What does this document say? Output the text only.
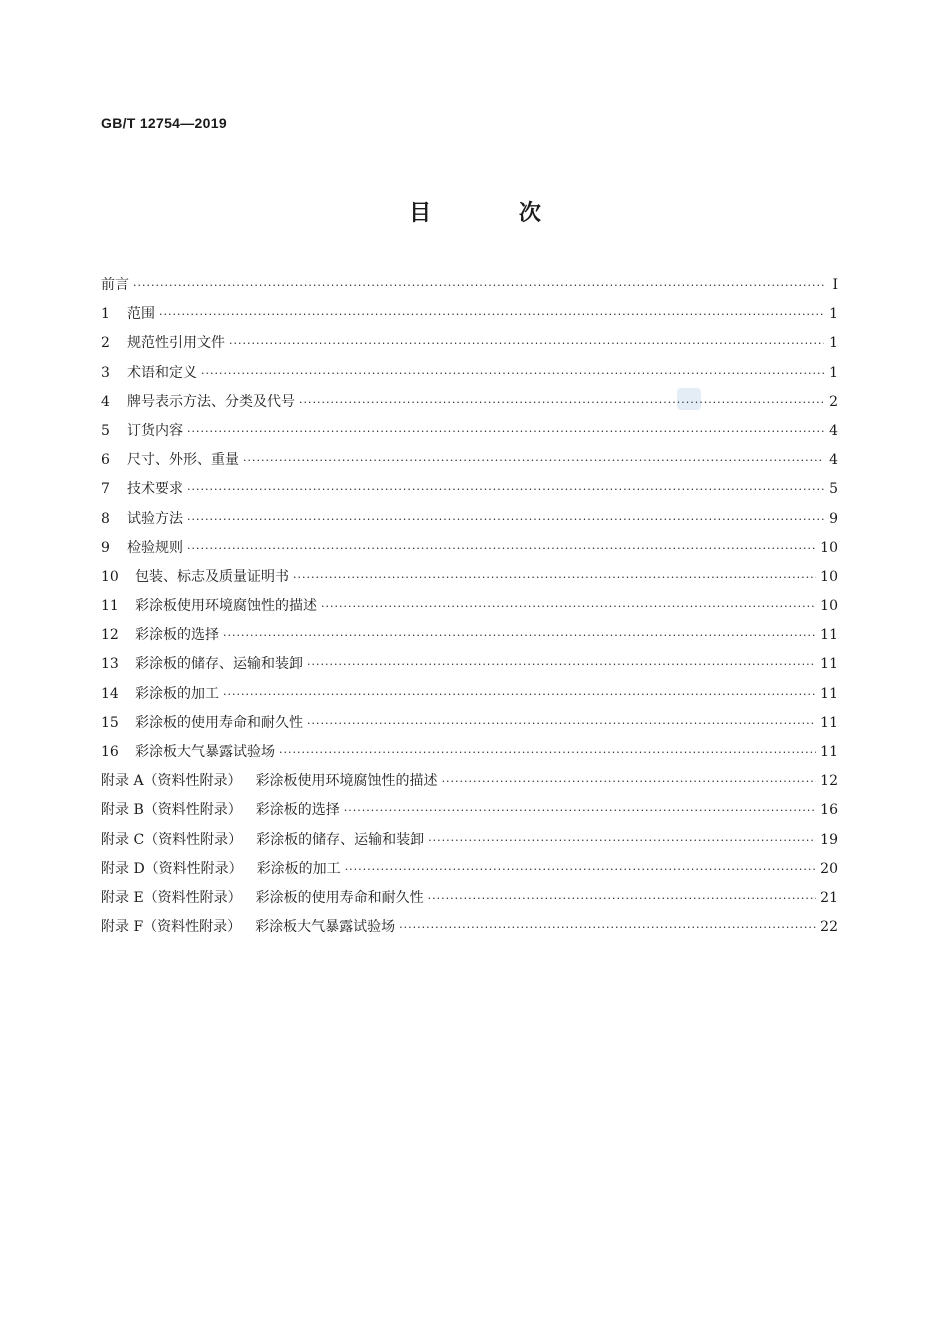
GB/T 12754—2019
目 次
前言 ·····	Ⅰ
1	范围 ·····	1
2	规范性引用文件 ·····	1
3	术语和定义 ·····	1
4	牌号表示方法、分类及代号 ·····	2
5	订货内容 ·····	4
6	尺寸、外形、重量 ·····	4
7	技术要求 ·····	5
8	试验方法 ·····	9
9	检验规则 ·····	10
10	包装、标志及质量证明书 ·····	10
11	彩涂板使用环境腐蚀性的描述 ·····	10
12	彩涂板的选择 ·····	11
13	彩涂板的储存、运输和装卸 ·····	11
14	彩涂板的加工 ·····	11
15	彩涂板的使用寿命和耐久性 ·····	11
16	彩涂板大气暴露试验场 ·····	11
附录 A（资料性附录） 彩涂板使用环境腐蚀性的描述 ·····	12
附录 B（资料性附录） 彩涂板的选择 ·····	16
附录 C（资料性附录） 彩涂板的储存、运输和装卸 ·····	19
附录 D（资料性附录） 彩涂板的加工 ·····	20
附录 E（资料性附录） 彩涂板的使用寿命和耐久性 ·····	21
附录 F（资料性附录） 彩涂板大气暴露试验场 ·····	22
